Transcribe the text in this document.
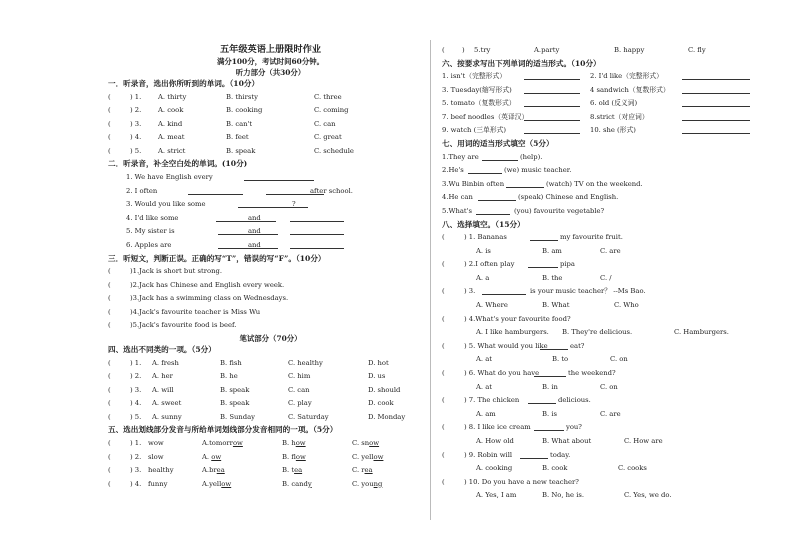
五年级英语上册限时作业
满分100分，考试时间60分钟。
听力部分（共30分）
一．听录音，选出你所听到的单词。（10分）
(	) 1. A. thirty	B. thirsty	C. three
(	) 2. A. cook	B. cooking	C. coming
(	) 3. A. kind	B. can't	C. can
(	) 4. A. meat	B. feet	C. great
(	) 5. A. strict	B. speak	C. schedule
二．听录音，补全空白处的单词。(10分)
1. We have English every
2. I often	after school.
3. Would you like some	?
4. I'd like some	and
5. My sister is	and
6. Apples are	and
三．听短文，判断正误。正确的写“T”，错误的写“F”。（10分）
(	)1.Jack is short but strong.
(	)2.Jack has Chinese and English every week.
(	)3.Jack has a swimming class on Wednesdays.
(	)4.Jack's favourite teacher is Miss Wu
(	)5.Jack's favourite food is beef.
笔试部分（70分）
四、选出不同类的一项。（5分）
(	) 1. A. fresh	B. fish	C. healthy	D. hot
(	) 2. A. her	B. he	C. him	D. us
(	) 3. A. will	B. speak	C. can	D. should
(	) 4. A. sweet	B. speak	C. play	D. cook
(	) 5. A. sunny	B. Sunday	C. Saturday	D. Monday
五、选出划线部分发音与所给单词划线部分发音相同的一项。（5分）
(	) 1. wow	A.tomorrow	B. how	C. snow
(	) 2. slow	A. ow	B. flow	C. yellow
(	) 3. healthy	A.brea	B. tea	C. rea
(	) 4. funny	A.yellow	B. candy	C. young
(	) 5.try	A.party	B. happy	C. fly
六、按要求写出下列单词的适当形式。（10分）
1. isn't（完整形式）	2. I'd like（完整形式）
3. Tuesday(缩写形式)	4 sandwich（复数形式）
5. tomato（复数形式）	6. old (反义词)
7. beef noodles（英译汉）	8.strict（对应词）
9. watch (三单形式)	10. she (形式)
七、用词的适当形式填空（5分）
1.They are	(help).
2.He's	(we) music teacher.
3.Wu Binbin often	(watch) TV on the weekend.
4.He can	(speak) Chinese and English.
5.What's	(you) favourite vegetable?
八、选择填空。（15分）
(	) 1. Bananas	my favourite fruit.
A. is	B. am	C. are
(	) 2.I often play	pipa
A. a	B. the	C. /
(	) 3.	is your music teacher？ --Ms Bao.
A. Where	B. What	C. Who
(	) 4.What's your favourite food?
A. I like hamburgers. B. They're delicious.	C. Hamburgers.
(	) 5. What would you like	eat?
A. at	B. to	C. on
(	) 6. What do you have	the weekend?
A. at	B. in	C. on
(	) 7. The chicken	delicious.
A. am	B. is	C. are
(	) 8. I like ice cream	you?
A. How old	B. What about	C. How are
(	) 9. Robin will	today.
A. cooking	B. cook	C. cooks
(	) 10. Do you have a new teacher?
A. Yes, I am	B. No, he is.	C. Yes, we do.
